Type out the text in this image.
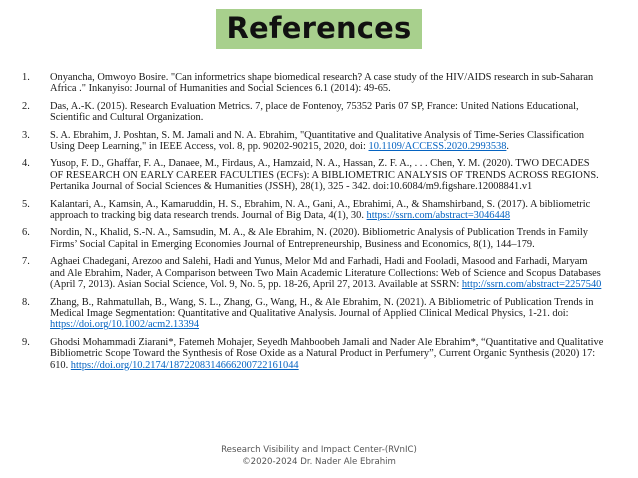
References
1.	Onyancha, Omwoyo Bosire. "Can informetrics shape biomedical research? A case study of the HIV/AIDS research in sub-Saharan Africa ." Inkanyiso: Journal of Humanities and Social Sciences 6.1 (2014): 49-65.
2.	Das, A.-K. (2015). Research Evaluation Metrics. 7, place de Fontenoy, 75352 Paris 07 SP, France: United Nations Educational, Scientific and Cultural Organization.
3.	S. A. Ebrahim, J. Poshtan, S. M. Jamali and N. A. Ebrahim, "Quantitative and Qualitative Analysis of Time-Series Classification Using Deep Learning," in IEEE Access, vol. 8, pp. 90202-90215, 2020, doi: 10.1109/ACCESS.2020.2993538.
4.	Yusop, F. D., Ghaffar, F. A., Danaee, M., Firdaus, A., Hamzaid, N. A., Hassan, Z. F. A., . . . Chen, Y. M. (2020). TWO DECADES OF RESEARCH ON EARLY CAREER FACULTIES (ECFs): A BIBLIOMETRIC ANALYSIS OF TRENDS ACROSS REGIONS. Pertanika Journal of Social Sciences & Humanities (JSSH), 28(1), 325 - 342. doi:10.6084/m9.figshare.12008841.v1
5.	Kalantari, A., Kamsin, A., Kamaruddin, H. S., Ebrahim, N. A., Gani, A., Ebrahimi, A., & Shamshirband, S. (2017). A bibliometric approach to tracking big data research trends. Journal of Big Data, 4(1), 30. https://ssrn.com/abstract=3046448
6.	Nordin, N., Khalid, S.-N. A., Samsudin, M. A., & Ale Ebrahim, N. (2020). Bibliometric Analysis of Publication Trends in Family Firms’ Social Capital in Emerging Economies Journal of Entrepreneurship, Business and Economics, 8(1), 144–179.
7.	Aghaei Chadegani, Arezoo and Salehi, Hadi and Yunus, Melor Md and Farhadi, Hadi and Fooladi, Masood and Farhadi, Maryam and Ale Ebrahim, Nader, A Comparison between Two Main Academic Literature Collections: Web of Science and Scopus Databases (April 7, 2013). Asian Social Science, Vol. 9, No. 5, pp. 18-26, April 27, 2013. Available at SSRN: http://ssrn.com/abstract=2257540
8.	Zhang, B., Rahmatullah, B., Wang, S. L., Zhang, G., Wang, H., & Ale Ebrahim, N. (2021). A Bibliometric of Publication Trends in Medical Image Segmentation: Quantitative and Qualitative Analysis. Journal of Applied Clinical Medical Physics, 1-21. doi: https://doi.org/10.1002/acm2.13394
9.	Ghodsi Mohammadi Ziarani*, Fatemeh Mohajer, Seyedh Mahboobeh Jamali and Nader Ale Ebrahim*, “Quantitative and Qualitative Bibliometric Scope Toward the Synthesis of Rose Oxide as a Natural Product in Perfumery”, Current Organic Synthesis (2020) 17: 610. https://doi.org/10.2174/1872208314666200722161044
Research Visibility and Impact Center-(RVnIC)
©2020-2024 Dr. Nader Ale Ebrahim
